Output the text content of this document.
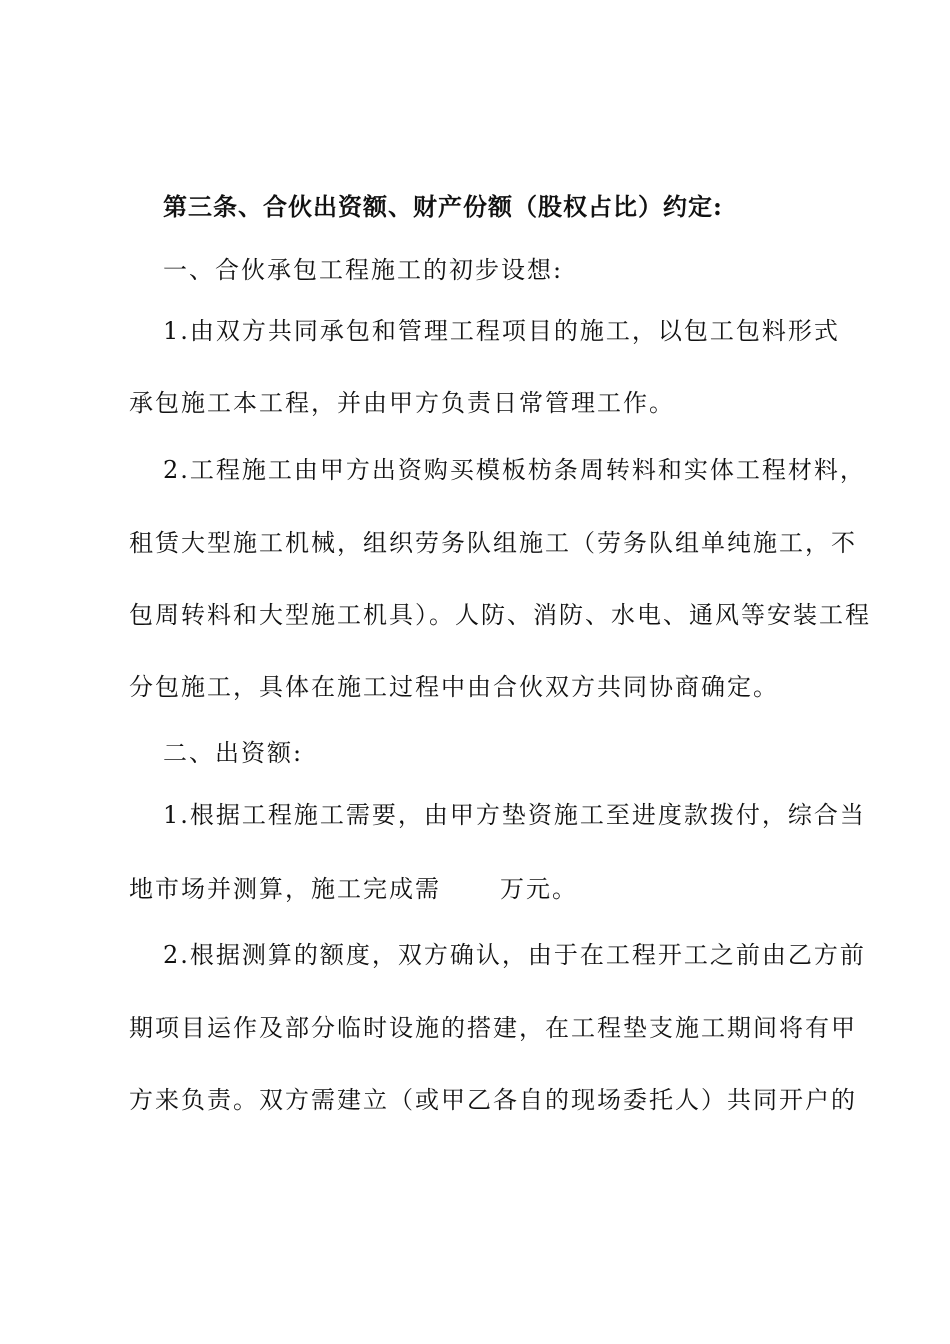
第三条、合伙出资额、财产份额（股权占比）约定:
一、合伙承包工程施工的初步设想:
1.由双方共同承包和管理工程项目的施工，以包工包料形式
承包施工本工程，并由甲方负责日常管理工作。
2.工程施工由甲方出资购买模板枋条周转料和实体工程材料，
租赁大型施工机械，组织劳务队组施工（劳务队组单纯施工，不
包周转料和大型施工机具）。人防、消防、水电、通风等安装工程
分包施工，具体在施工过程中由合伙双方共同协商确定。
二、出资额:
1.根据工程施工需要，由甲方垫资施工至进度款拨付，综合当
地市场并测算，施工完成需 万元。
2.根据测算的额度，双方确认，由于在工程开工之前由乙方前
期项目运作及部分临时设施的搭建，在工程垫支施工期间将有甲
方来负责。双方需建立（或甲乙各自的现场委托人）共同开户的
